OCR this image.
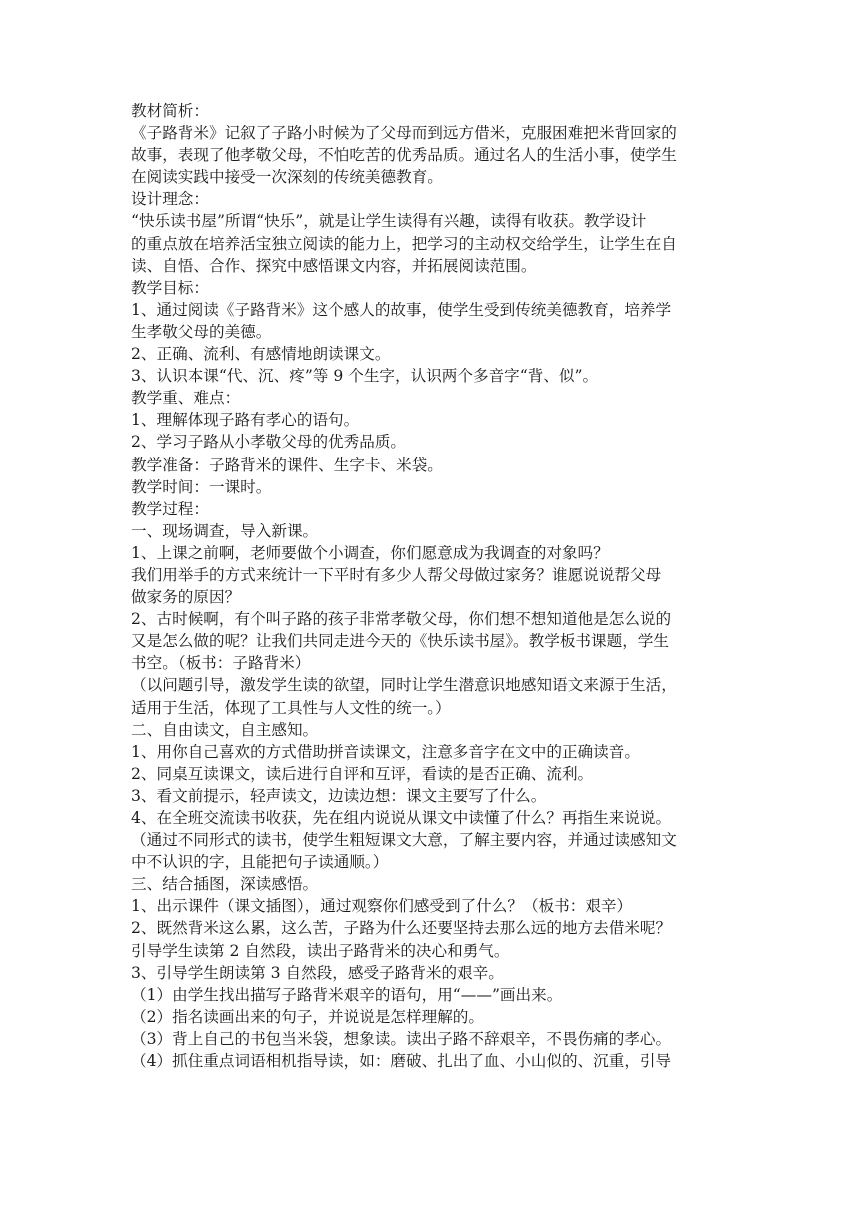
教材简析：
《子路背米》记叙了子路小时候为了父母而到远方借米，克服困难把米背回家的
故事，表现了他孝敬父母，不怕吃苦的优秀品质。通过名人的生活小事，使学生
在阅读实践中接受一次深刻的传统美德教育。
设计理念：
“快乐读书屋”所谓“快乐”，就是让学生读得有兴趣，读得有收获。教学设计
的重点放在培养活宝独立阅读的能力上，把学习的主动权交给学生，让学生在自
读、自悟、合作、探究中感悟课文内容，并拓展阅读范围。
教学目标：
1、通过阅读《子路背米》这个感人的故事，使学生受到传统美德教育，培养学
生孝敬父母的美德。
2、正确、流利、有感情地朗读课文。
3、认识本课“代、沉、疼”等 9 个生字，认识两个多音字“背、似”。
教学重、难点：
1、理解体现子路有孝心的语句。
2、学习子路从小孝敬父母的优秀品质。
教学准备：子路背米的课件、生字卡、米袋。
教学时间：一课时。
教学过程：
一、现场调查，导入新课。
1、上课之前啊，老师要做个小调查，你们愿意成为我调查的对象吗？
我们用举手的方式来统计一下平时有多少人帮父母做过家务？谁愿说说帮父母
做家务的原因？
2、古时候啊，有个叫子路的孩子非常孝敬父母，你们想不想知道他是怎么说的
又是怎么做的呢？让我们共同走进今天的《快乐读书屋》。教学板书课题，学生
书空。（板书：子路背米）
（以问题引导，激发学生读的欲望，同时让学生潜意识地感知语文来源于生活，
适用于生活，体现了工具性与人文性的统一。）
二、自由读文，自主感知。
1、用你自己喜欢的方式借助拼音读课文，注意多音字在文中的正确读音。
2、同桌互读课文，读后进行自评和互评，看读的是否正确、流利。
3、看文前提示，轻声读文，边读边想：课文主要写了什么。
4、在全班交流读书收获，先在组内说说从课文中读懂了什么？再指生来说说。
（通过不同形式的读书，使学生粗短课文大意，了解主要内容，并通过读感知文
中不认识的字，且能把句子读通顺。）
三、结合插图，深读感悟。
1、出示课件（课文插图），通过观察你们感受到了什么？（板书：艰辛）
2、既然背米这么累，这么苦，子路为什么还要坚持去那么远的地方去借米呢？
引导学生读第 2 自然段，读出子路背米的决心和勇气。
3、引导学生朗读第 3 自然段，感受子路背米的艰辛。
（1）由学生找出描写子路背米艰辛的语句，用“——”画出来。
（2）指名读画出来的句子，并说说是怎样理解的。
（3）背上自己的书包当米袋，想象读。读出子路不辞艰辛，不畏伤痛的孝心。
（4）抓住重点词语相机指导读，如：磨破、扎出了血、小山似的、沉重，引导
